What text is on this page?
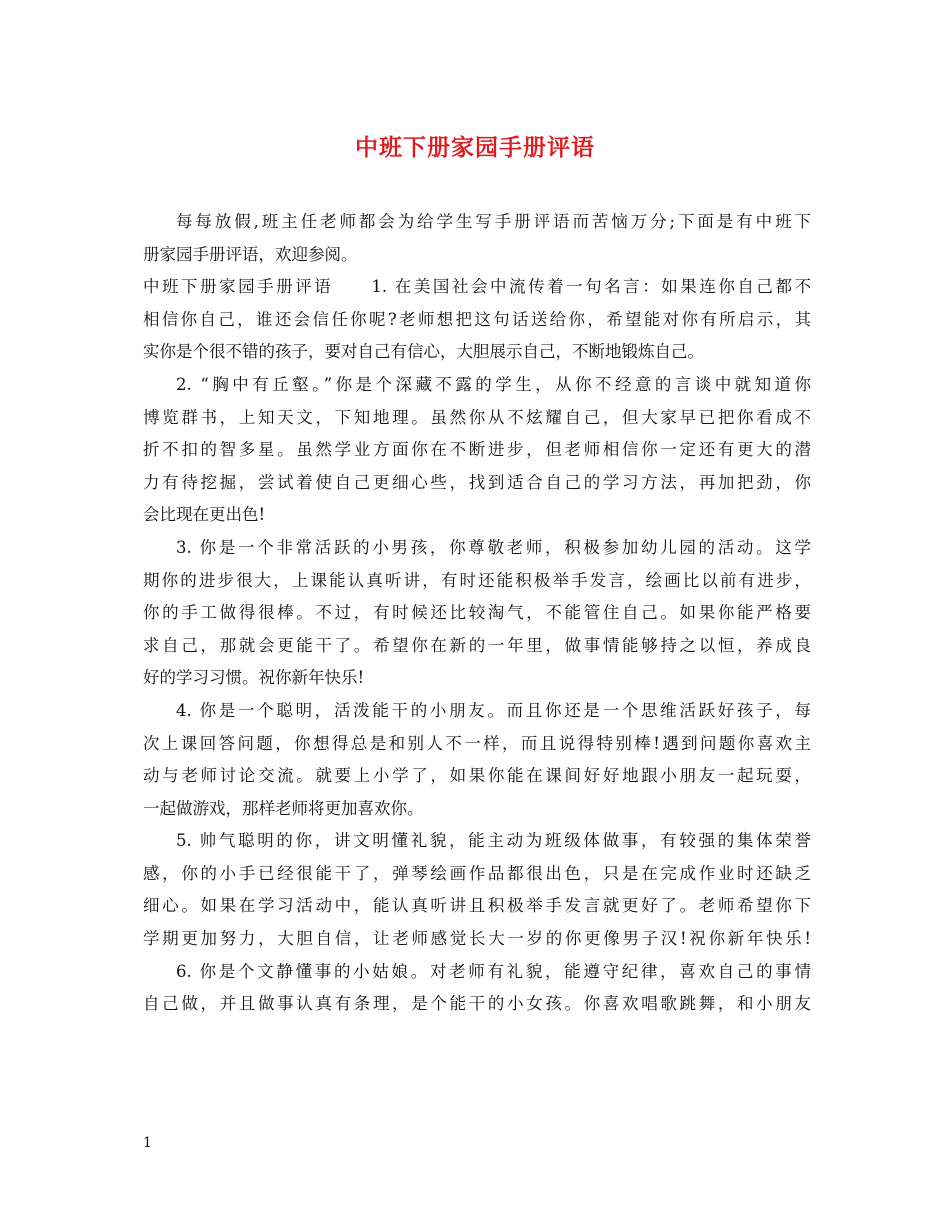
中班下册家园手册评语
每每放假,班主任老师都会为给学生写手册评语而苦恼万分;下面是有中班下
册家园手册评语，欢迎参阅。
中班下册家园手册评语　　1. 在美国社会中流传着一句名言：如果连你自己都不
相信你自己，谁还会信任你呢?老师想把这句话送给你，希望能对你有所启示，其
实你是个很不错的孩子，要对自己有信心，大胆展示自己，不断地锻炼自己。
2. “胸中有丘壑。”你是个深藏不露的学生，从你不经意的言谈中就知道你
博览群书，上知天文，下知地理。虽然你从不炫耀自己，但大家早已把你看成不
折不扣的智多星。虽然学业方面你在不断进步，但老师相信你一定还有更大的潜
力有待挖掘，尝试着使自己更细心些，找到适合自己的学习方法，再加把劲，你
会比现在更出色!
3. 你是一个非常活跃的小男孩，你尊敬老师，积极参加幼儿园的活动。这学
期你的进步很大，上课能认真听讲，有时还能积极举手发言，绘画比以前有进步，
你的手工做得很棒。不过，有时候还比较淘气，不能管住自己。如果你能严格要
求自己，那就会更能干了。希望你在新的一年里，做事情能够持之以恒，养成良
好的学习习惯。祝你新年快乐!
4. 你是一个聪明，活泼能干的小朋友。而且你还是一个思维活跃好孩子，每
次上课回答问题，你想得总是和别人不一样，而且说得特别棒!遇到问题你喜欢主
动与老师讨论交流。就要上小学了，如果你能在课间好好地跟小朋友一起玩耍，
一起做游戏，那样老师将更加喜欢你。
5. 帅气聪明的你，讲文明懂礼貌，能主动为班级体做事，有较强的集体荣誉
感，你的小手已经很能干了，弹琴绘画作品都很出色，只是在完成作业时还缺乏
细心。如果在学习活动中，能认真听讲且积极举手发言就更好了。老师希望你下
学期更加努力，大胆自信，让老师感觉长大一岁的你更像男子汉!祝你新年快乐!
6. 你是个文静懂事的小姑娘。对老师有礼貌，能遵守纪律，喜欢自己的事情
自己做，并且做事认真有条理，是个能干的小女孩。你喜欢唱歌跳舞，和小朋友
1
